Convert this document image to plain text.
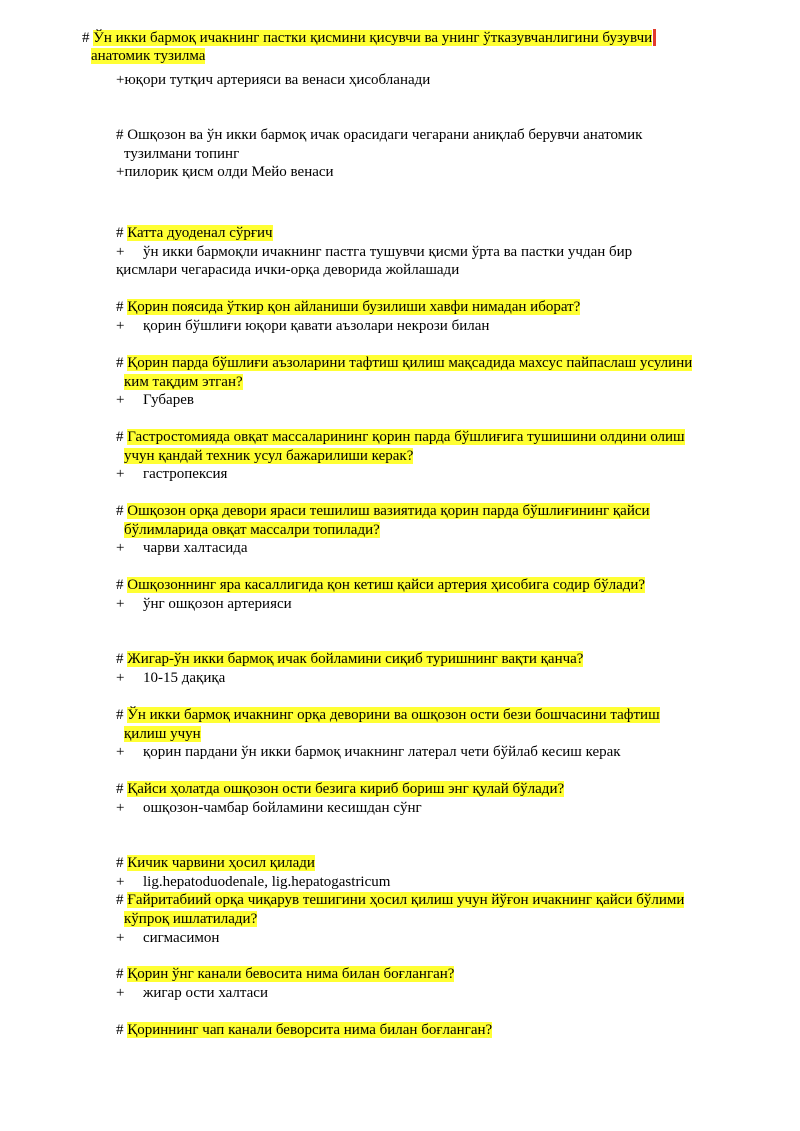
# Ўн икки бармоқ ичакнинг пастки қисмини қисувчи ва унинг ўтказувчанлигини бузувчи
анатомик тузилма
+юқори тутқич артерияси ва венаси ҳисобланади
# Ошқозон ва ўн икки бармоқ ичак орасидаги чегарани аниқлаб берувчи анатомик
тузилмани топинг
+пилорик қисм олди Мейо венаси
# Катта дуоденал сўрғич
+ ўн икки бармоқли ичакнинг пастга тушувчи қисми ўрта ва пастки учдан бир
қисмлари чегарасида ички-орқа деворида жойлашади
# Қорин поясида ўткир қон айланиши бузилиши хавфи нимадан иборат?
+ қорин бўшлиғи юқори қавати аъзолари некрози билан
# Қорин парда бўшлиғи аъзоларини тафтиш қилиш мақсадида махсус пайпаслаш усулини
ким тақдим этган?
+ Губарев
# Гастростомияда овқат массаларининг қорин парда бўшлиғига тушишини олдини олиш
учун қандай техник усул бажарилиши керак?
+ гастропексия
# Ошқозон орқа девори яраси тешилиш вазиятида қорин парда бўшлиғининг қайси
бўлимларида овқат массалри топилади?
+ чарви халтасида
# Ошқозоннинг яра касаллигида қон кетиш қайси артерия ҳисобига содир бўлади?
+ ўнг ошқозон артерияси
# Жигар-ўн икки бармоқ ичак бойламини сиқиб туришнинг вақти қанча?
+ 10-15 дақиқа
# Ўн икки бармоқ ичакнинг орқа деворини ва ошқозон ости бези бошчасини тафтиш
қилиш учун
+ қорин пардани ўн икки бармоқ ичакнинг латерал чети бўйлаб кесиш керак
# Қайси ҳолатда ошқозон ости безига кириб бориш энг қулай бўлади?
+ ошқозон-чамбар бойламини кесишдан сўнг
# Кичик чарвини ҳосил қилади
+ lig.hepatoduodenale, lig.hepatogastricum
# Ғайритабиий орқа чиқарув тешигини ҳосил қилиш учун йўғон ичакнинг қайси бўлими
кўпроқ ишлатилади?
+ сигмасимон
# Қорин ўнг канали бевосита нима билан боғланган?
+ жигар ости халтаси
# Қориннинг чап канали беворсита нима билан боғланган?
